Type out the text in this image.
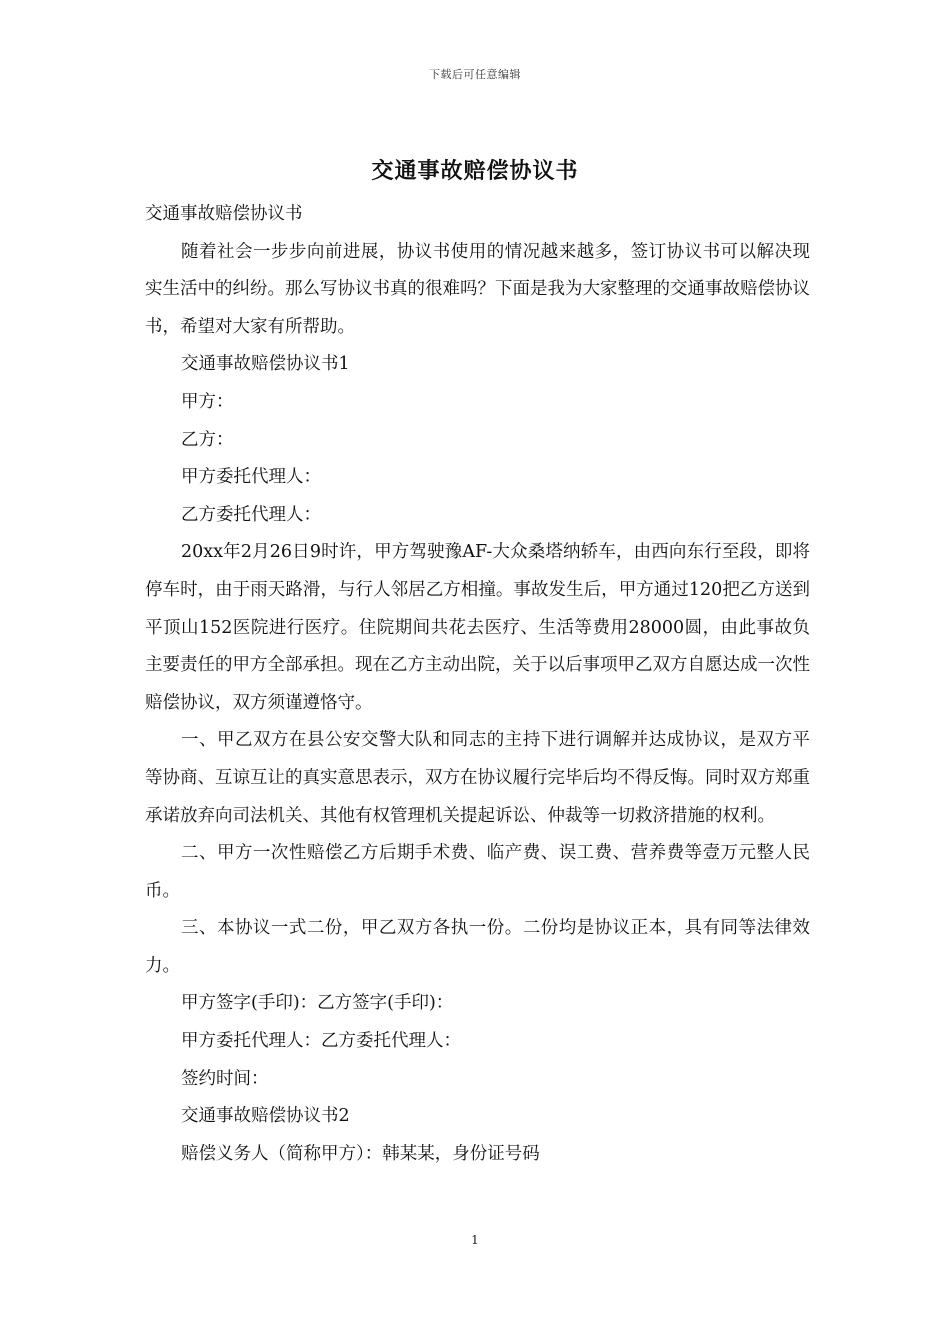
下载后可任意编辑
交通事故赔偿协议书

交通事故赔偿协议书

随着社会一步步向前进展，协议书使用的情况越来越多，签订协议书可以解决现实生活中的纠纷。那么写协议书真的很难吗？下面是我为大家整理的交通事故赔偿协议书，希望对大家有所帮助。

交通事故赔偿协议书1

甲方：

乙方：

甲方委托代理人：

乙方委托代理人：

20xx年2月26日9时许，甲方驾驶豫AF-大众桑塔纳轿车，由西向东行至段，即将停车时，由于雨天路滑，与行人邻居乙方相撞。事故发生后，甲方通过120把乙方送到平顶山152医院进行医疗。住院期间共花去医疗、生活等费用28000圆，由此事故负主要责任的甲方全部承担。现在乙方主动出院，关于以后事项甲乙双方自愿达成一次性赔偿协议，双方须谨遵恪守。

一、甲乙双方在县公安交警大队和同志的主持下进行调解并达成协议，是双方平等协商、互谅互让的真实意思表示，双方在协议履行完毕后均不得反悔。同时双方郑重承诺放弃向司法机关、其他有权管理机关提起诉讼、仲裁等一切救济措施的权利。

二、甲方一次性赔偿乙方后期手术费、临产费、误工费、营养费等壹万元整人民币。

三、本协议一式二份，甲乙双方各执一份。二份均是协议正本，具有同等法律效力。

甲方签字(手印)：乙方签字(手印)：

甲方委托代理人：乙方委托代理人：

签约时间：

交通事故赔偿协议书2

赔偿义务人（简称甲方）：韩某某，身份证号码

1
